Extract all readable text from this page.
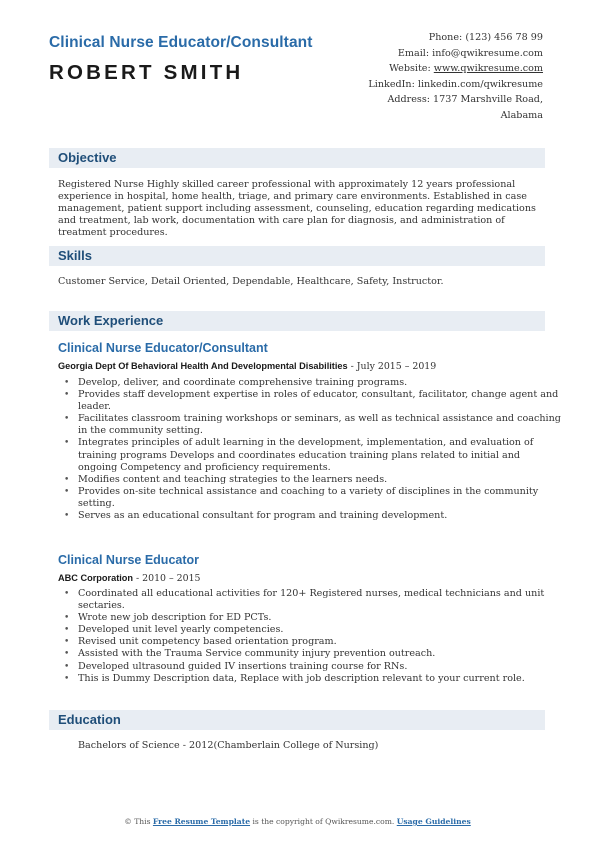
Clinical Nurse Educator/Consultant
ROBERT SMITH
Phone: (123) 456 78 99
Email: info@qwikresume.com
Website: www.qwikresume.com
LinkedIn: linkedin.com/qwikresume
Address: 1737 Marshville Road,
Alabama
Objective
Registered Nurse Highly skilled career professional with approximately 12 years professional experience in hospital, home health, triage, and primary care environments. Established in case management, patient support including assessment, counseling, education regarding medications and treatment, lab work, documentation with care plan for diagnosis, and administration of treatment procedures.
Skills
Customer Service, Detail Oriented, Dependable, Healthcare, Safety, Instructor.
Work Experience
Clinical Nurse Educator/Consultant
Georgia Dept Of Behavioral Health And Developmental Disabilities - July 2015 – 2019
• Develop, deliver, and coordinate comprehensive training programs.
• Provides staff development expertise in roles of educator, consultant, facilitator, change agent and leader.
• Facilitates classroom training workshops or seminars, as well as technical assistance and coaching in the community setting.
• Integrates principles of adult learning in the development, implementation, and evaluation of training programs Develops and coordinates education training plans related to initial and ongoing Competency and proficiency requirements.
• Modifies content and teaching strategies to the learners needs.
• Provides on-site technical assistance and coaching to a variety of disciplines in the community setting.
• Serves as an educational consultant for program and training development.
Clinical Nurse Educator
ABC Corporation - 2010 – 2015
• Coordinated all educational activities for 120+ Registered nurses, medical technicians and unit sectaries.
• Wrote new job description for ED PCTs.
• Developed unit level yearly competencies.
• Revised unit competency based orientation program.
• Assisted with the Trauma Service community injury prevention outreach.
• Developed ultrasound guided IV insertions training course for RNs.
• This is Dummy Description data, Replace with job description relevant to your current role.
Education
Bachelors of Science - 2012(Chamberlain College of Nursing)
© This Free Resume Template is the copyright of Qwikresume.com. Usage Guidelines
